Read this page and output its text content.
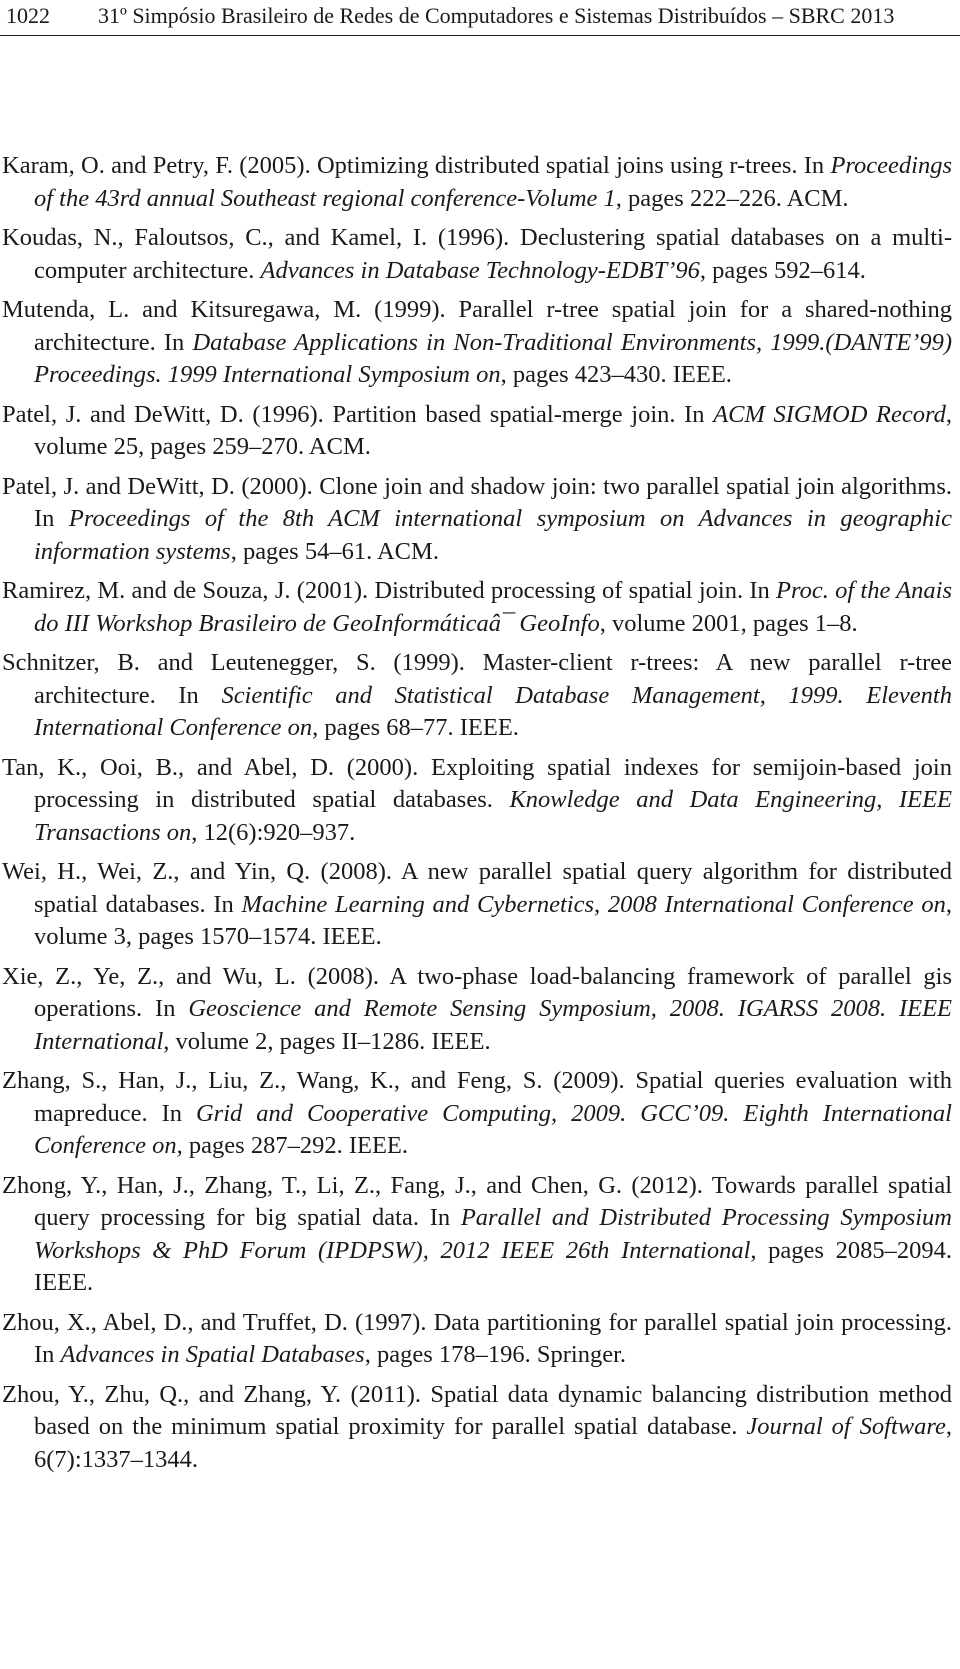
1022 31º Simpósio Brasileiro de Redes de Computadores e Sistemas Distribuídos – SBRC 2013
Karam, O. and Petry, F. (2005). Optimizing distributed spatial joins using r-trees. In Proceedings of the 43rd annual Southeast regional conference-Volume 1, pages 222–226. ACM.
Koudas, N., Faloutsos, C., and Kamel, I. (1996). Declustering spatial databases on a multi-computer architecture. Advances in Database Technology-EDBT’96, pages 592–614.
Mutenda, L. and Kitsuregawa, M. (1999). Parallel r-tree spatial join for a shared-nothing architecture. In Database Applications in Non-Traditional Environments, 1999.(DANTE’99) Proceedings. 1999 International Symposium on, pages 423–430. IEEE.
Patel, J. and DeWitt, D. (1996). Partition based spatial-merge join. In ACM SIGMOD Record, volume 25, pages 259–270. ACM.
Patel, J. and DeWitt, D. (2000). Clone join and shadow join: two parallel spatial join algorithms. In Proceedings of the 8th ACM international symposium on Advances in geographic information systems, pages 54–61. ACM.
Ramirez, M. and de Souza, J. (2001). Distributed processing of spatial join. In Proc. of the Anais do III Workshop Brasileiro de GeoInformáticaâ¯ GeoInfo, volume 2001, pages 1–8.
Schnitzer, B. and Leutenegger, S. (1999). Master-client r-trees: A new parallel r-tree architecture. In Scientific and Statistical Database Management, 1999. Eleventh International Conference on, pages 68–77. IEEE.
Tan, K., Ooi, B., and Abel, D. (2000). Exploiting spatial indexes for semijoin-based join processing in distributed spatial databases. Knowledge and Data Engineering, IEEE Transactions on, 12(6):920–937.
Wei, H., Wei, Z., and Yin, Q. (2008). A new parallel spatial query algorithm for distributed spatial databases. In Machine Learning and Cybernetics, 2008 International Conference on, volume 3, pages 1570–1574. IEEE.
Xie, Z., Ye, Z., and Wu, L. (2008). A two-phase load-balancing framework of parallel gis operations. In Geoscience and Remote Sensing Symposium, 2008. IGARSS 2008. IEEE International, volume 2, pages II–1286. IEEE.
Zhang, S., Han, J., Liu, Z., Wang, K., and Feng, S. (2009). Spatial queries evaluation with mapreduce. In Grid and Cooperative Computing, 2009. GCC’09. Eighth International Conference on, pages 287–292. IEEE.
Zhong, Y., Han, J., Zhang, T., Li, Z., Fang, J., and Chen, G. (2012). Towards parallel spatial query processing for big spatial data. In Parallel and Distributed Processing Symposium Workshops & PhD Forum (IPDPSW), 2012 IEEE 26th International, pages 2085–2094. IEEE.
Zhou, X., Abel, D., and Truffet, D. (1997). Data partitioning for parallel spatial join processing. In Advances in Spatial Databases, pages 178–196. Springer.
Zhou, Y., Zhu, Q., and Zhang, Y. (2011). Spatial data dynamic balancing distribution method based on the minimum spatial proximity for parallel spatial database. Journal of Software, 6(7):1337–1344.
